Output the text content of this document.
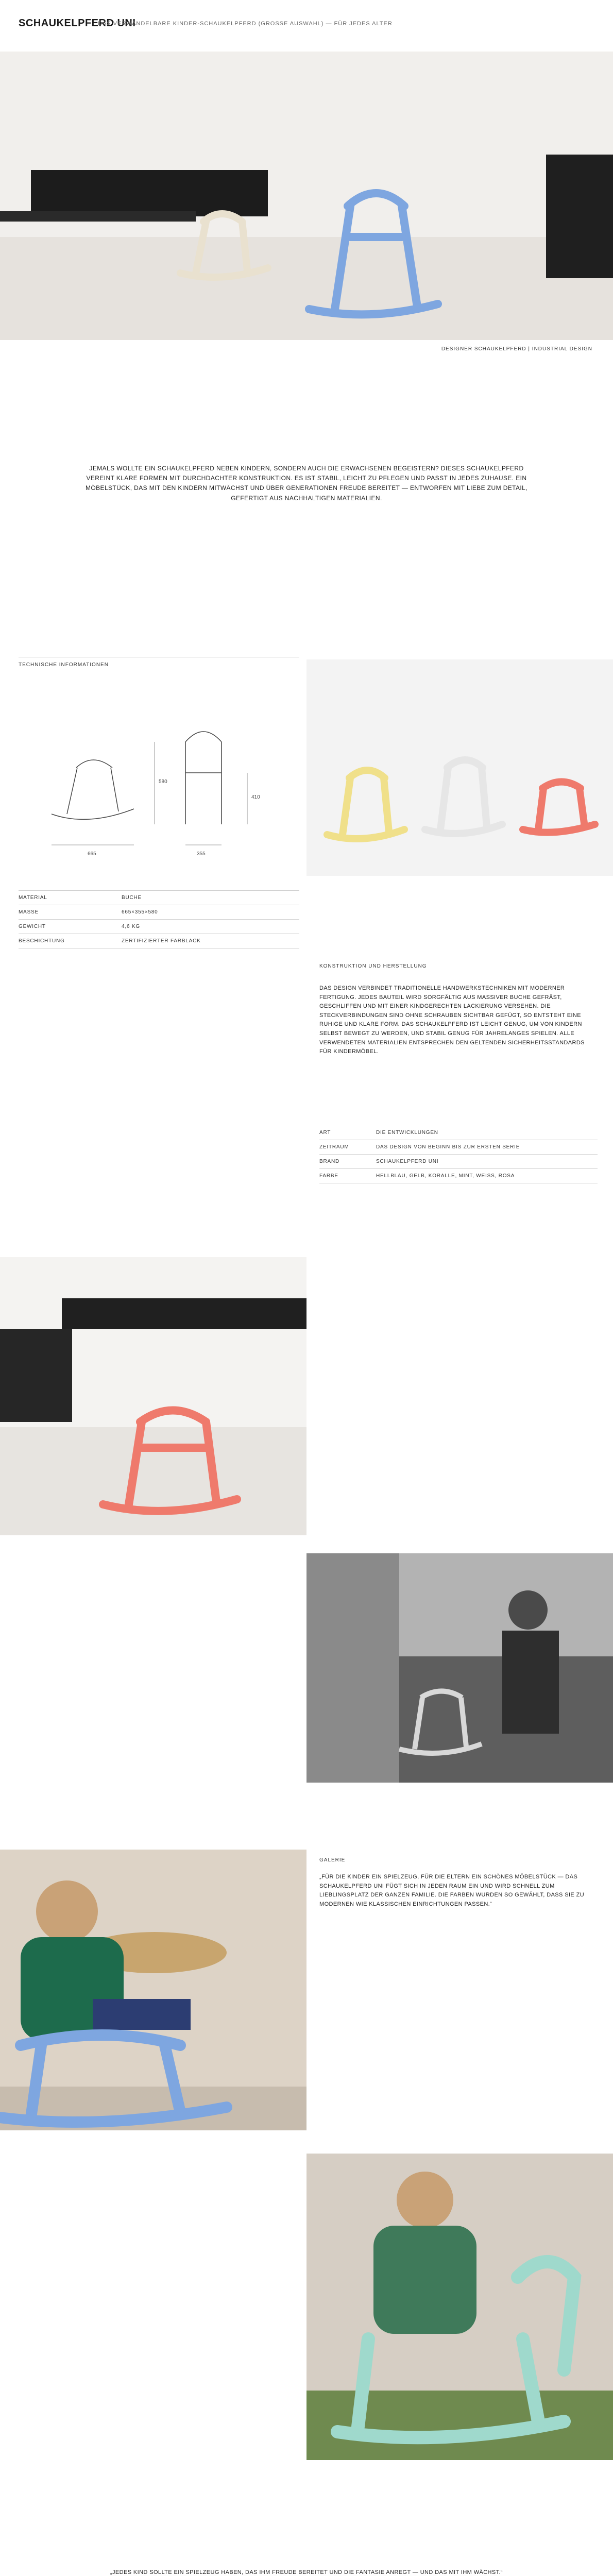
SCHAUKELPFERD UNI
DAS VERWANDELBARE KINDER-SCHAUKELPFERD (GROSSE AUSWAHL) — FÜR JEDES ALTER
DESIGNER SCHAUKELPFERD | INDUSTRIAL DESIGN
JEMALS WOLLTE EIN SCHAUKELPFERD NEBEN KINDERN, SONDERN AUCH DIE ERWACHSENEN BEGEISTERN? DIESES SCHAUKELPFERD VEREINT KLARE FORMEN MIT DURCHDACHTER KONSTRUKTION. ES IST STABIL, LEICHT ZU PFLEGEN UND PASST IN JEDES ZUHAUSE. EIN MÖBELSTÜCK, DAS MIT DEN KINDERN MITWÄCHST UND ÜBER GENERATIONEN FREUDE BEREITET — ENTWORFEN MIT LIEBE ZUM DETAIL, GEFERTIGT AUS NACHHALTIGEN MATERIALIEN.
TECHNISCHE INFORMATIONEN
665
580
355
410
MATERIAL	BUCHE
MASSE	665×355×580
GEWICHT	4,6 KG
BESCHICHTUNG	ZERTIFIZIERTER FARBLACK
KONSTRUKTION UND HERSTELLUNG
DAS DESIGN VERBINDET TRADITIONELLE HANDWERKSTECHNIKEN MIT MODERNER FERTIGUNG. JEDES BAUTEIL WIRD SORGFÄLTIG AUS MASSIVER BUCHE GEFRÄST, GESCHLIFFEN UND MIT EINER KINDGERECHTEN LACKIERUNG VERSEHEN. DIE STECKVERBINDUNGEN SIND OHNE SCHRAUBEN SICHTBAR GEFÜGT, SO ENTSTEHT EINE RUHIGE UND KLARE FORM. DAS SCHAUKELPFERD IST LEICHT GENUG, UM VON KINDERN SELBST BEWEGT ZU WERDEN, UND STABIL GENUG FÜR JAHRELANGES SPIELEN. ALLE VERWENDETEN MATERIALIEN ENTSPRECHEN DEN GELTENDEN SICHERHEITSSTANDARDS FÜR KINDERMÖBEL.
ART	DIE ENTWICKLUNGEN
ZEITRAUM	DAS DESIGN VON BEGINN BIS ZUR ERSTEN SERIE
BRAND	SCHAUKELPFERD UNI
FARBE	HELLBLAU, GELB, KORALLE, MINT, WEISS, ROSA
GALERIE
„FÜR DIE KINDER EIN SPIELZEUG, FÜR DIE ELTERN EIN SCHÖNES MÖBELSTÜCK — DAS SCHAUKELPFERD UNI FÜGT SICH IN JEDEN RAUM EIN UND WIRD SCHNELL ZUM LIEBLINGSPLATZ DER GANZEN FAMILIE. DIE FARBEN WURDEN SO GEWÄHLT, DASS SIE ZU MODERNEN WIE KLASSISCHEN EINRICHTUNGEN PASSEN.“
„JEDES KIND SOLLTE EIN SPIELZEUG HABEN, DAS IHM FREUDE BEREITET UND DIE FANTASIE ANREGT — UND DAS MIT IHM WÄCHST.“
